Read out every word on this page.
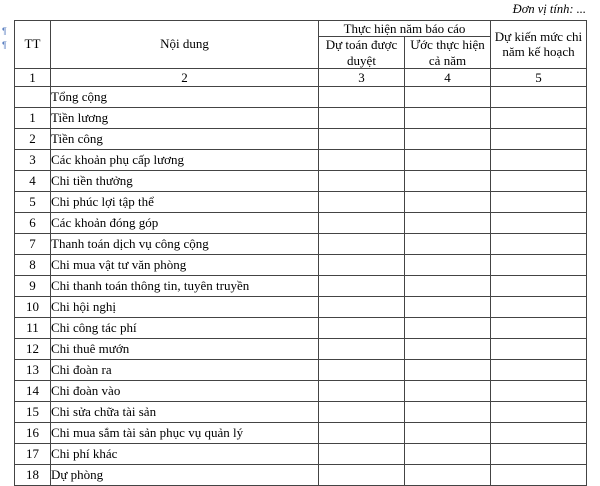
¶
¶
Đơn vị tính: ...
TT	Nội dung	Thực hiện năm báo cáo		Dự kiến mức chi năm kế hoạch
		Dự toán được duyệt	Ước thực hiện cả năm	
1	2	3	4	5
	Tổng cộng			
1	Tiền lương			
2	Tiền công			
3	Các khoản phụ cấp lương			
4	Chi tiền thưởng			
5	Chi phúc lợi tập thể			
6	Các khoản đóng góp			
7	Thanh toán dịch vụ công cộng			
8	Chi mua vật tư văn phòng			
9	Chi thanh toán thông tin, tuyên truyền			
10	Chi hội nghị			
11	Chi công tác phí			
12	Chi thuê mướn			
13	Chi đoàn ra			
14	Chi đoàn vào			
15	Chi sửa chữa tài sản			
16	Chi mua sắm tài sản phục vụ quản lý			
17	Chi phí khác			
18	Dự phòng			
